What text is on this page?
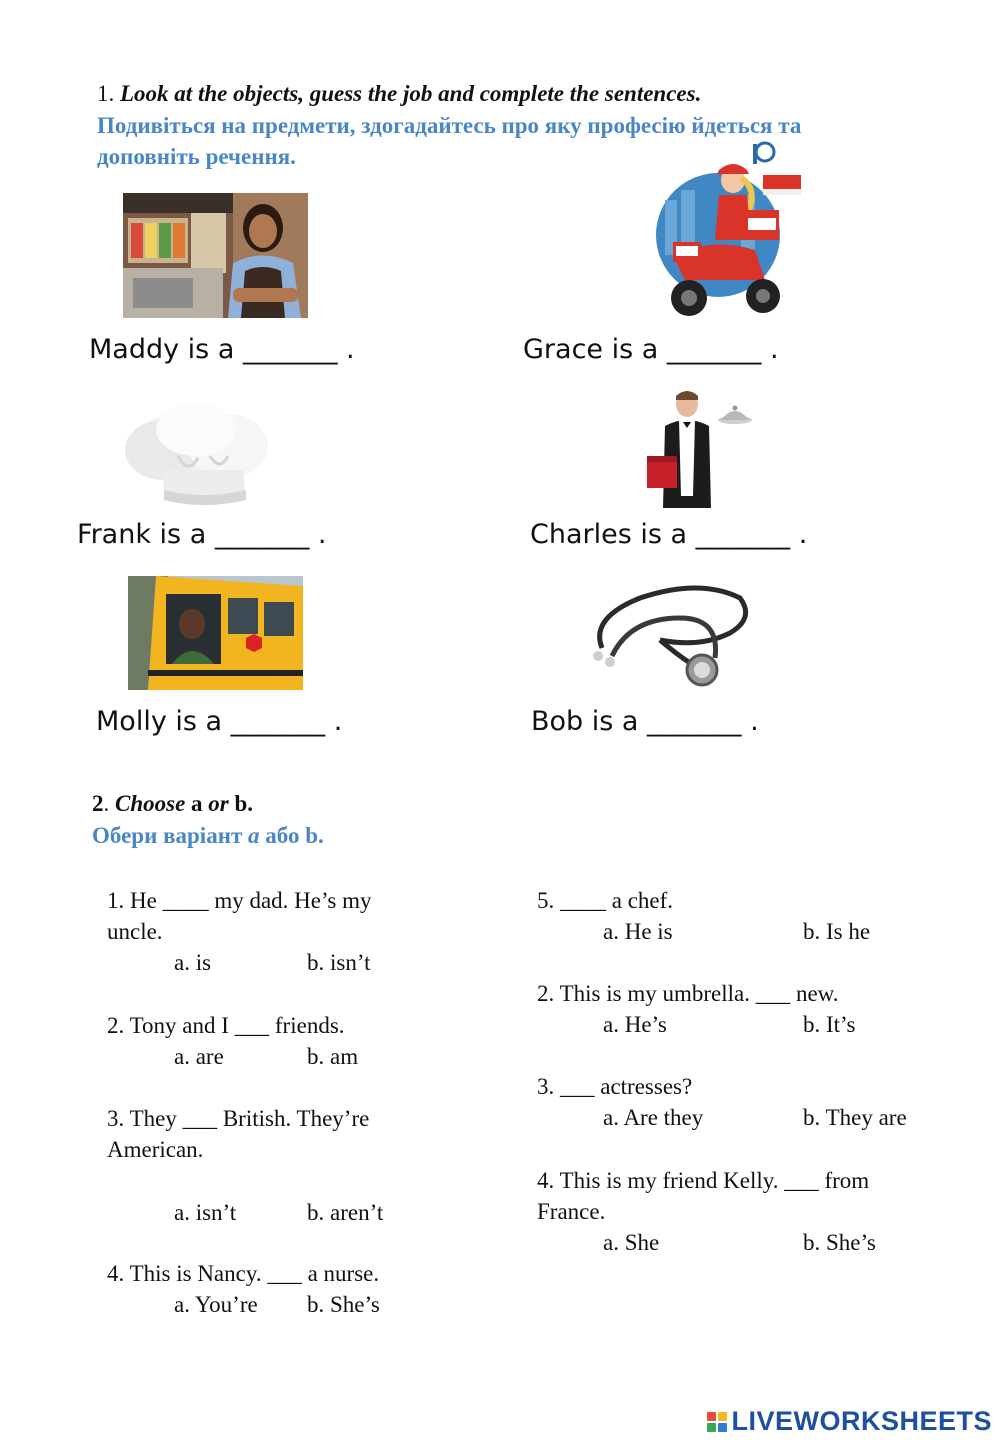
1. Look at the objects, guess the job and complete the sentences.
Подивіться на предмети, здогадайтесь про яку професію йдеться та
доповніть речення.
Maddy is a _______ .	Grace is a _______ .
Frank is a _______ .	Charles is a _______ .
Molly is a _______ .	Bob is a _______ .
2. Choose a or b.
Обери варіант a або b.
1. He ____ my dad. He’s my
uncle.
a. is	b. isn’t
2. Tony and I ___ friends.
a. are	b. am
3. They ___ British. They’re
American.
a. isn’t	b. aren’t
4. This is Nancy. ___ a nurse.
a. You’re b. She’s
5. ____ a chef.
a. He is	b. Is he
2. This is my umbrella. ___ new.
a. He’s	b. It’s
3. ___ actresses?
a. Are they	b. They are
4. This is my friend Kelly. ___ from
France.
a. She	b. She’s
LIVEWORKSHEETS
